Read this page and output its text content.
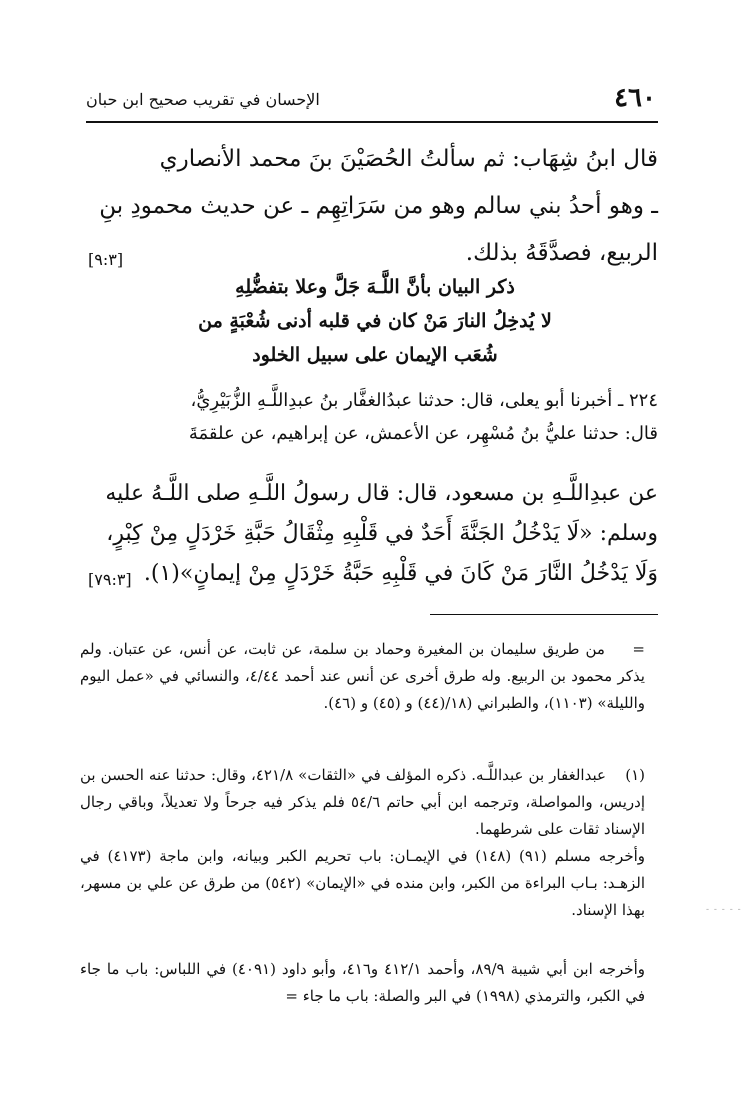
٤٦٠
الإحسان في تقريب صحيح ابن حبان
قال ابنُ شِهَاب: ثم سألتُ الحُصَيْنَ بنَ محمد الأنصاري
ـ وهو أحدُ بني سالم وهو من سَرَاتِهِم ـ عن حديث محمودِ بنِ
الربيع، فصدَّقَهُ بذلك.
[٩:٣]
ذكر البيان بأنَّ اللَّـهَ جَلَّ وعلا بتفضُّلِهِ
لا يُدخِلُ النارَ مَنْ كان في قلبه أدنى شُعْبَةٍ من
شُعَب الإيمان على سبيل الخلود
٢٢٤ ـ أخبرنا أبو يعلى، قال: حدثنا عبدُالغفَّار بنُ عبدِاللَّـهِ الزُّبَيْرِيُّ،
قال: حدثنا عليُّ بنُ مُسْهِر، عن الأعمش، عن إبراهيم، عن علقمَةَ
عن عبدِاللَّـهِ بن مسعود، قال: قال رسولُ اللَّـهِ صلى اللَّـهُ عليه
وسلم: «لَا يَدْخُلُ الجَنَّةَ أَحَدٌ في قَلْبِهِ مِثْقَالُ حَبَّةِ خَرْدَلٍ مِنْ كِبْرٍ،
وَلَا يَدْخُلُ النَّارَ مَنْ كَانَ في قَلْبِهِ حَبَّةُ خَرْدَلٍ مِنْ إيمانٍ»(١).
[٧٩:٣]
= من طريق سليمان بن المغيرة وحماد بن سلمة، عن ثابت، عن أنس، عن عتبان. ولم يذكر محمود بن الربيع. وله طرق أخرى عن أنس عند أحمد ٤/٤٤، والنسائي في «عمل اليوم والليلة» (١١٠٣)، والطبراني (١٨/(٤٤) و (٤٥) و (٤٦).
(١) عبدالغفار بن عبداللَّـه. ذكره المؤلف في «الثقات» ٤٢١/٨، وقال: حدثنا عنه الحسن بن إدريس، والمواصلة، وترجمه ابن أبي حاتم ٥٤/٦ فلم يذكر فيه جرحاً ولا تعديلاً، وباقي رجال الإسناد ثقات على شرطهما.
وأخرجه مسلم (٩١) (١٤٨) في الإيمـان: باب تحريم الكبر وبيانه، وابن ماجة (٤١٧٣) في الزهـد: بـاب البراءة من الكبر، وابن منده في «الإيمان» (٥٤٢) من طرق عن علي بن مسهر، بهذا الإسناد.
وأخرجه ابن أبي شيبة ٨٩/٩، وأحمد ٤١٢/١ و٤١٦، وأبو داود (٤٠٩١) في اللباس: باب ما جاء في الكبر، والترمذي (١٩٩٨) في البر والصلة: باب ما جاء =
- - - - -
